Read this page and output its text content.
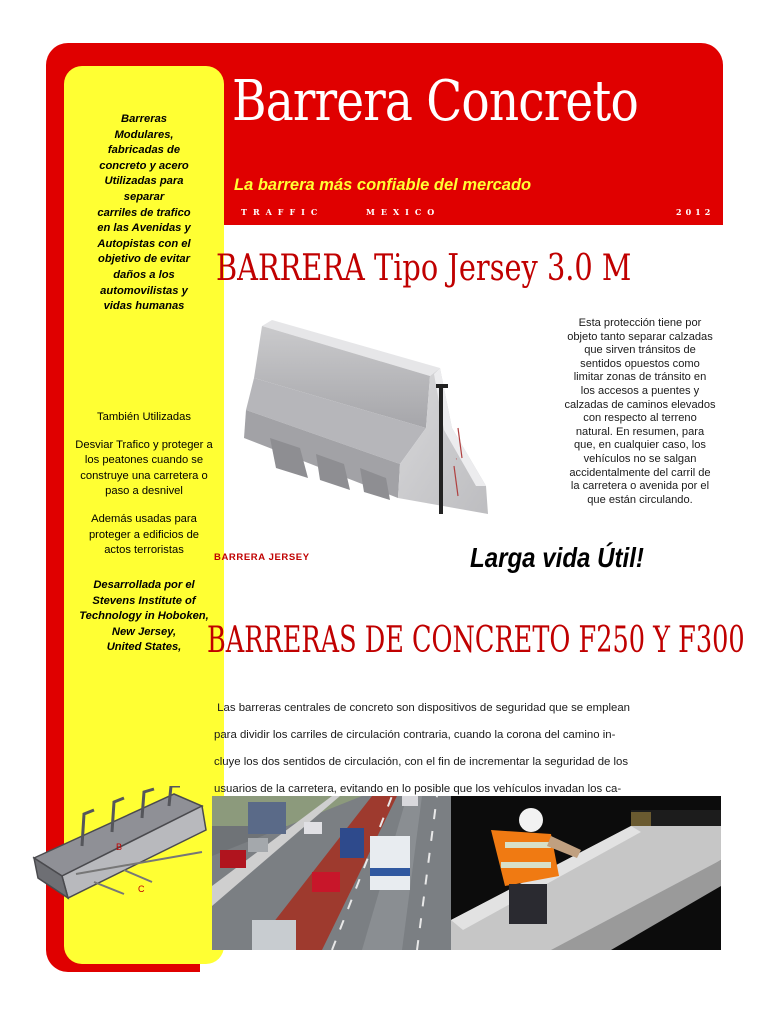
Barrera Concreto
La barrera más confiable del mercado
TRAFFIC	MEXICO	2012
Barreras
Modulares,
fabricadas de
concreto y acero
Utilizadas para
separar
carriles de trafico
en las Avenidas y
Autopistas con el
objetivo de evitar
daños a los
automovilistas y
vidas humanas
También Utilizadas
Desviar Trafico y proteger a
los peatones cuando se
construye una carretera o
paso a desnivel
Además usadas para
proteger a edificios de
actos terroristas
Desarrollada por el
Stevens Institute of
Technology in Hoboken,
New Jersey,
United States,
B
C
BARRERA Tipo Jersey 3.0 M
·
Esta protección tiene por
objeto tanto separar calzadas
que sirven tránsitos de
sentidos opuestos como
limitar zonas de tránsito en
los accesos a puentes y
calzadas de caminos elevados
con respecto al terreno
natural. En resumen, para
que, en cualquier caso, los
vehículos no se salgan
accidentalmente del carril de
la carretera o avenida por el
que están circulando.
BARRERA JERSEY	Larga vida Útil!
BARRERAS DE CONCRETO F250 Y F300

Las barreras centrales de concreto son dispositivos de seguridad que se emplean

para dividir los carriles de circulación contraria, cuando la corona del camino in-

cluye los dos sentidos de circulación, con el fin de incrementar la seguridad de los

usuarios de la carretera, evitando en lo posible que los vehículos invadan los ca-
